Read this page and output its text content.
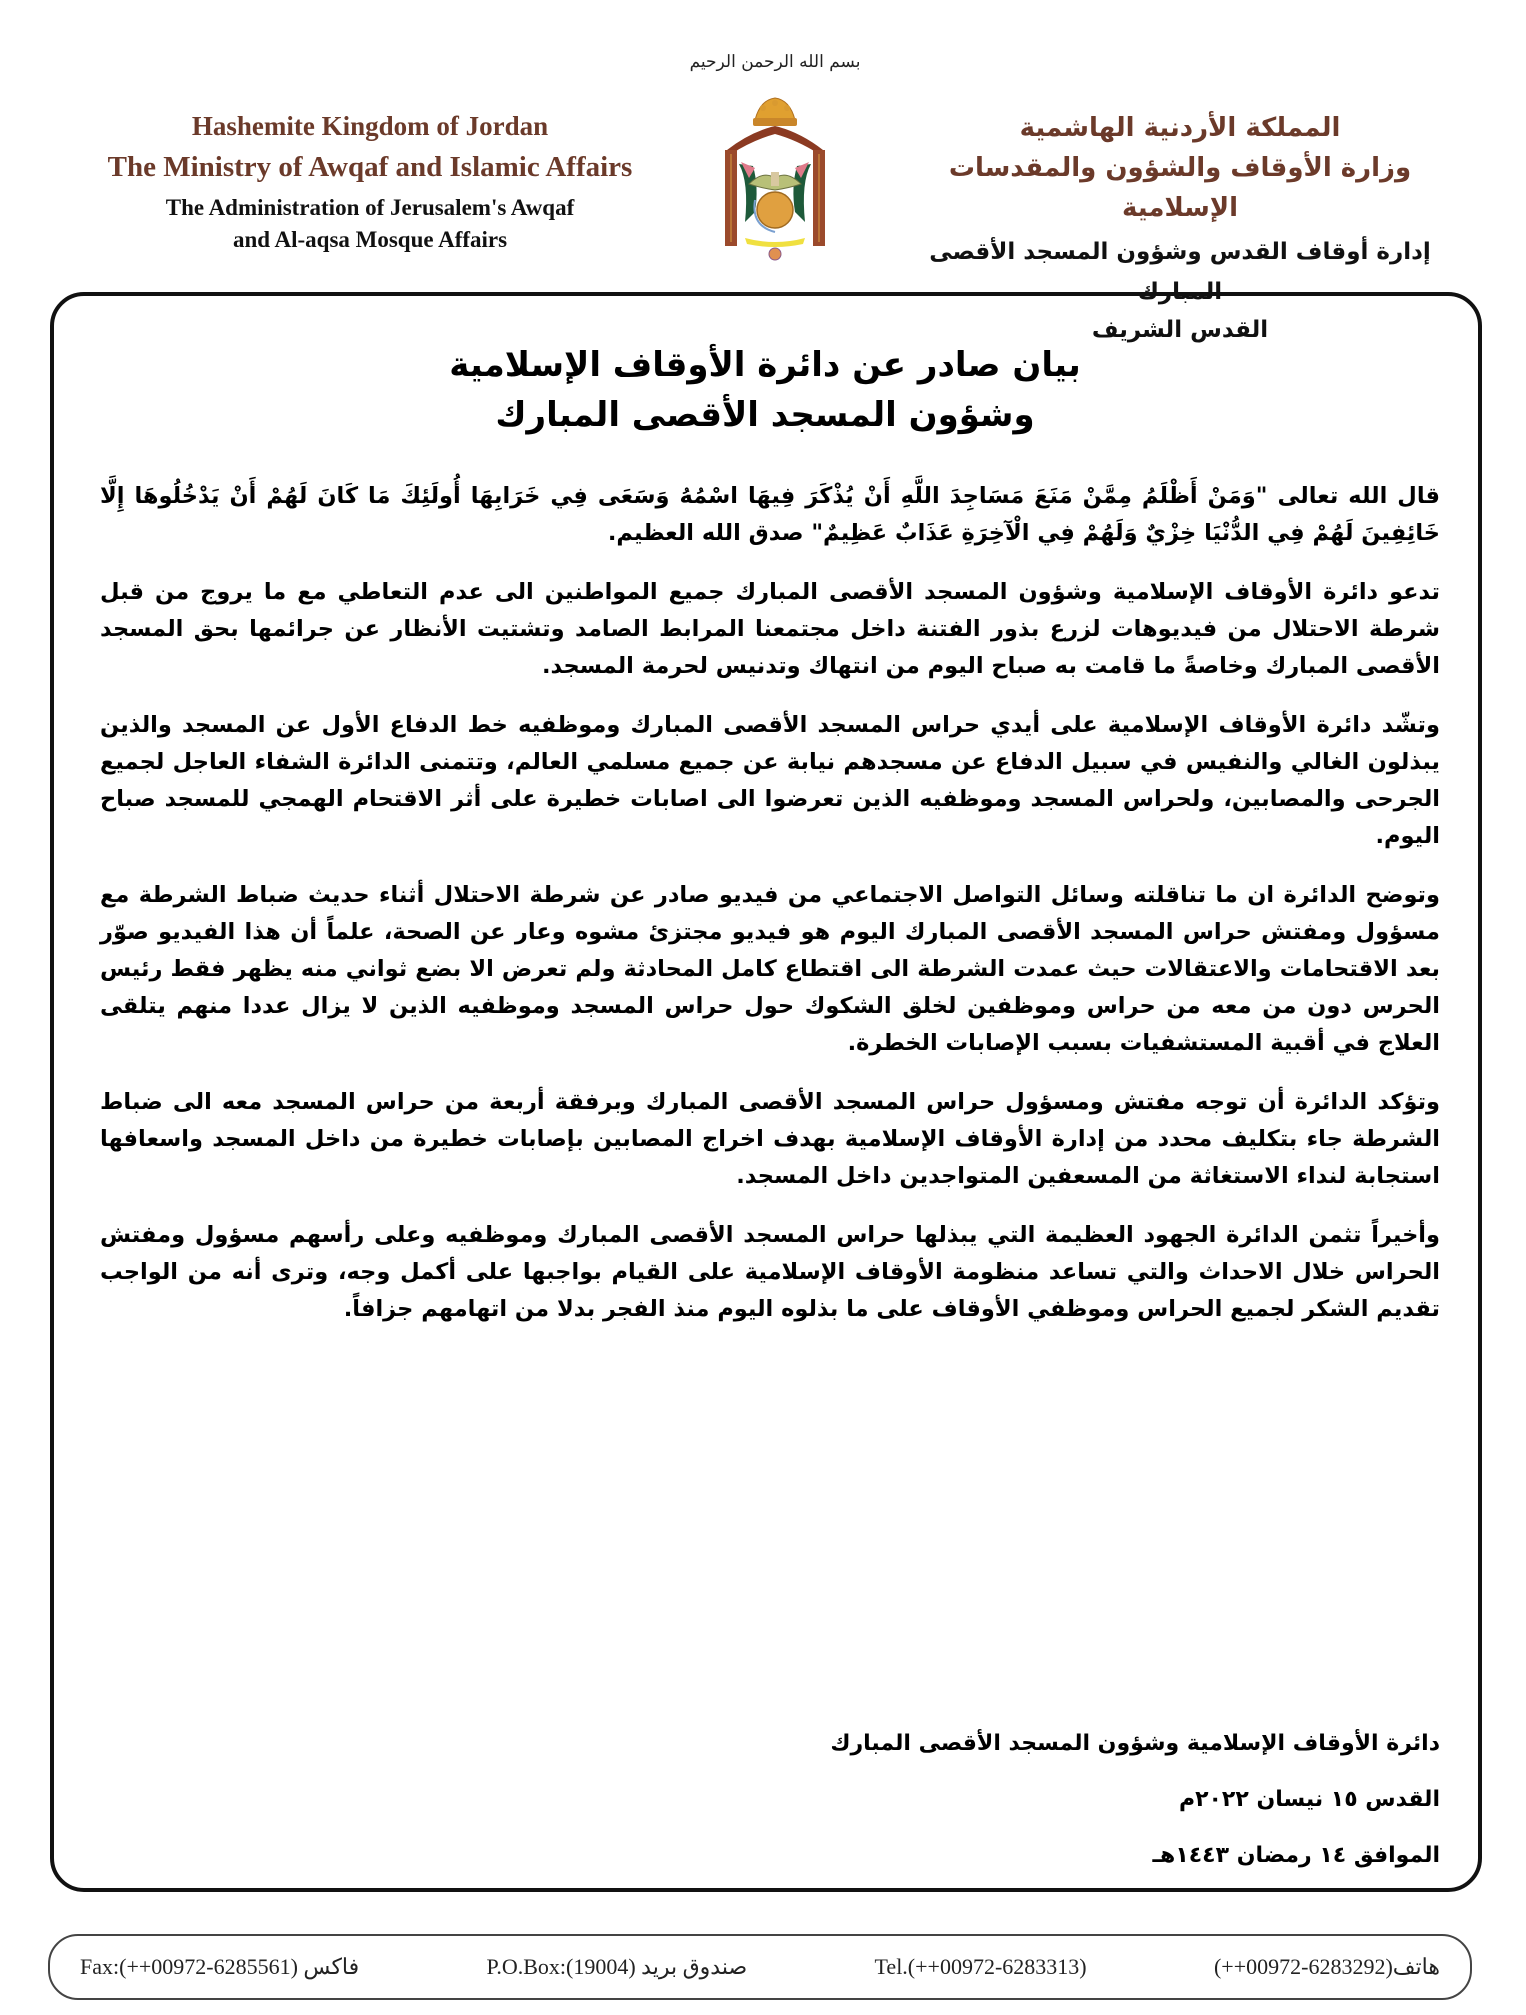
Hashemite Kingdom of Jordan
The Ministry of Awqaf and Islamic Affairs
The Administration of Jerusalem's Awqaf
and Al-aqsa Mosque Affairs
بسم الله الرحمن الرحيم
المملكة الأردنية الهاشمية
وزارة الأوقاف والشؤون والمقدسات الإسلامية
إدارة أوقاف القدس وشؤون المسجد الأقصى المبارك
القدس الشريف
بيان صادر عن دائرة الأوقاف الإسلامية
وشؤون المسجد الأقصى المبارك

قال الله تعالى "وَمَنْ أَظْلَمُ مِمَّنْ مَنَعَ مَسَاجِدَ اللَّهِ أَنْ يُذْكَرَ فِيهَا اسْمُهُ وَسَعَى فِي خَرَابِهَا أُولَئِكَ مَا كَانَ لَهُمْ أَنْ يَدْخُلُوهَا إِلَّا خَائِفِينَ لَهُمْ فِي الدُّنْيَا خِزْيٌ وَلَهُمْ فِي الْآخِرَةِ عَذَابٌ عَظِيمٌ" صدق الله العظيم.

تدعو دائرة الأوقاف الإسلامية وشؤون المسجد الأقصى المبارك جميع المواطنين الى عدم التعاطي مع ما يروج من قبل شرطة الاحتلال من فيديوهات لزرع بذور الفتنة داخل مجتمعنا المرابط الصامد وتشتيت الأنظار عن جرائمها بحق المسجد الأقصى المبارك وخاصةً ما قامت به صباح اليوم من انتهاك وتدنيس لحرمة المسجد.

وتشّد دائرة الأوقاف الإسلامية على أيدي حراس المسجد الأقصى المبارك وموظفيه خط الدفاع الأول عن المسجد والذين يبذلون الغالي والنفيس في سبيل الدفاع عن مسجدهم نيابة عن جميع مسلمي العالم، وتتمنى الدائرة الشفاء العاجل لجميع الجرحى والمصابين، ولحراس المسجد وموظفيه الذين تعرضوا الى اصابات خطيرة على أثر الاقتحام الهمجي للمسجد صباح اليوم.

وتوضح الدائرة ان ما تناقلته وسائل التواصل الاجتماعي من فيديو صادر عن شرطة الاحتلال أثناء حديث ضباط الشرطة مع مسؤول ومفتش حراس المسجد الأقصى المبارك اليوم هو فيديو مجتزئ مشوه وعار عن الصحة، علماً أن هذا الفيديو صوّر بعد الاقتحامات والاعتقالات حيث عمدت الشرطة الى اقتطاع كامل المحادثة ولم تعرض الا بضع ثواني منه يظهر فقط رئيس الحرس دون من معه من حراس وموظفين لخلق الشكوك حول حراس المسجد وموظفيه الذين لا يزال عددا منهم يتلقى العلاج في أقبية المستشفيات بسبب الإصابات الخطرة.

وتؤكد الدائرة أن توجه مفتش ومسؤول حراس المسجد الأقصى المبارك وبرفقة أربعة من حراس المسجد معه الى ضباط الشرطة جاء بتكليف محدد من إدارة الأوقاف الإسلامية بهدف اخراج المصابين بإصابات خطيرة من داخل المسجد واسعافها استجابة لنداء الاستغاثة من المسعفين المتواجدين داخل المسجد.

وأخيراً تثمن الدائرة الجهود العظيمة التي يبذلها حراس المسجد الأقصى المبارك وموظفيه وعلى رأسهم مسؤول ومفتش الحراس خلال الاحداث والتي تساعد منظومة الأوقاف الإسلامية على القيام بواجبها على أكمل وجه، وترى أنه من الواجب تقديم الشكر لجميع الحراس وموظفي الأوقاف على ما بذلوه اليوم منذ الفجر بدلا من اتهامهم جزافاً.

دائرة الأوقاف الإسلامية وشؤون المسجد الأقصى المبارك
القدس ١٥ نيسان ٢٠٢٢م
الموافق ١٤ رمضان ١٤٤٣هـ
Fax:(++00972-6285561) فاكس	P.O.Box:(19004) صندوق بريد	Tel.(++00972-6283313)	(++00972-6283292)هاتف
